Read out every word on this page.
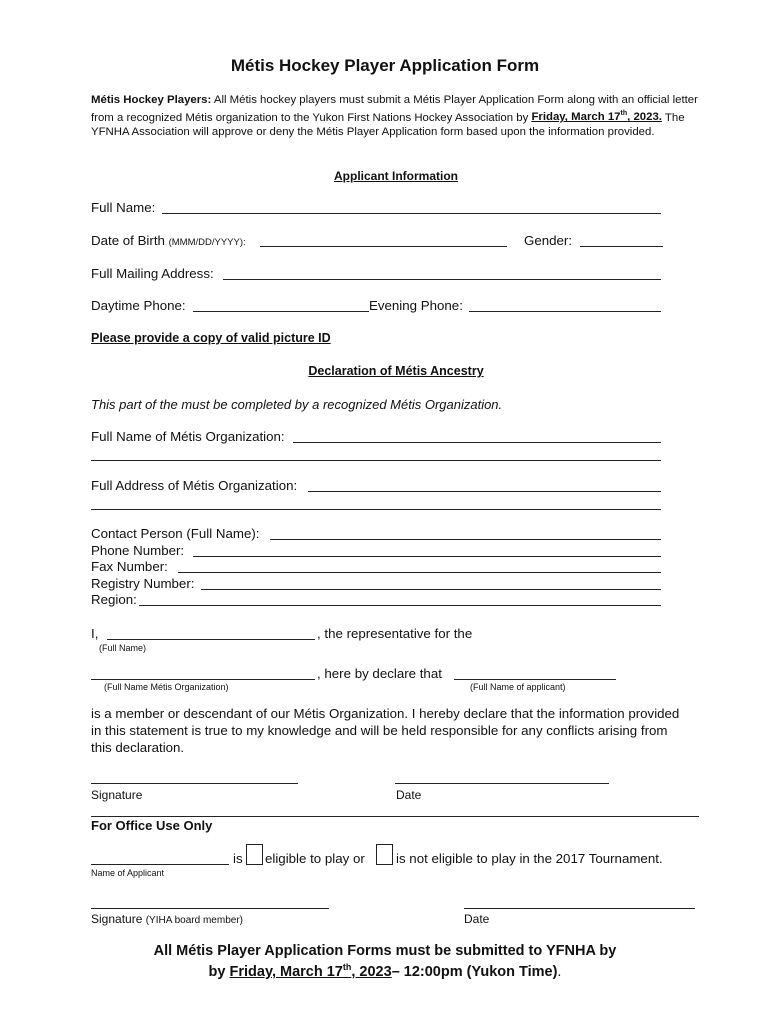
Métis Hockey Player Application Form
Métis Hockey Players: All Métis hockey players must submit a Métis Player Application Form along with an official letter from a recognized Métis organization to the Yukon First Nations Hockey Association by Friday, March 17th, 2023. The YFNHA Association will approve or deny the Métis Player Application form based upon the information provided.
Applicant Information
Full Name:
Date of Birth (MMM/DD/YYYY):	Gender:
Full Mailing Address:
Daytime Phone:	Evening Phone:
Please provide a copy of valid picture ID
Declaration of Métis Ancestry
This part of the must be completed by a recognized Métis Organization.
Full Name of Métis Organization:
Full Address of Métis Organization:
Contact Person (Full Name):
Phone Number:
Fax Number:
Registry Number:
Region:
I,	, the representative for the
(Full Name)
, here by declare that
(Full Name Métis Organization)	(Full Name of applicant)
is a member or descendant of our Métis Organization. I hereby declare that the information provided in this statement is true to my knowledge and will be held responsible for any conflicts arising from this declaration.
Signature	Date
For Office Use Only
is eligible to play or is not eligible to play in the 2017 Tournament.
Name of Applicant
Signature (YIHA board member)	Date
All Métis Player Application Forms must be submitted to YFNHA by
by Friday, March 17th, 2023– 12:00pm (Yukon Time).
